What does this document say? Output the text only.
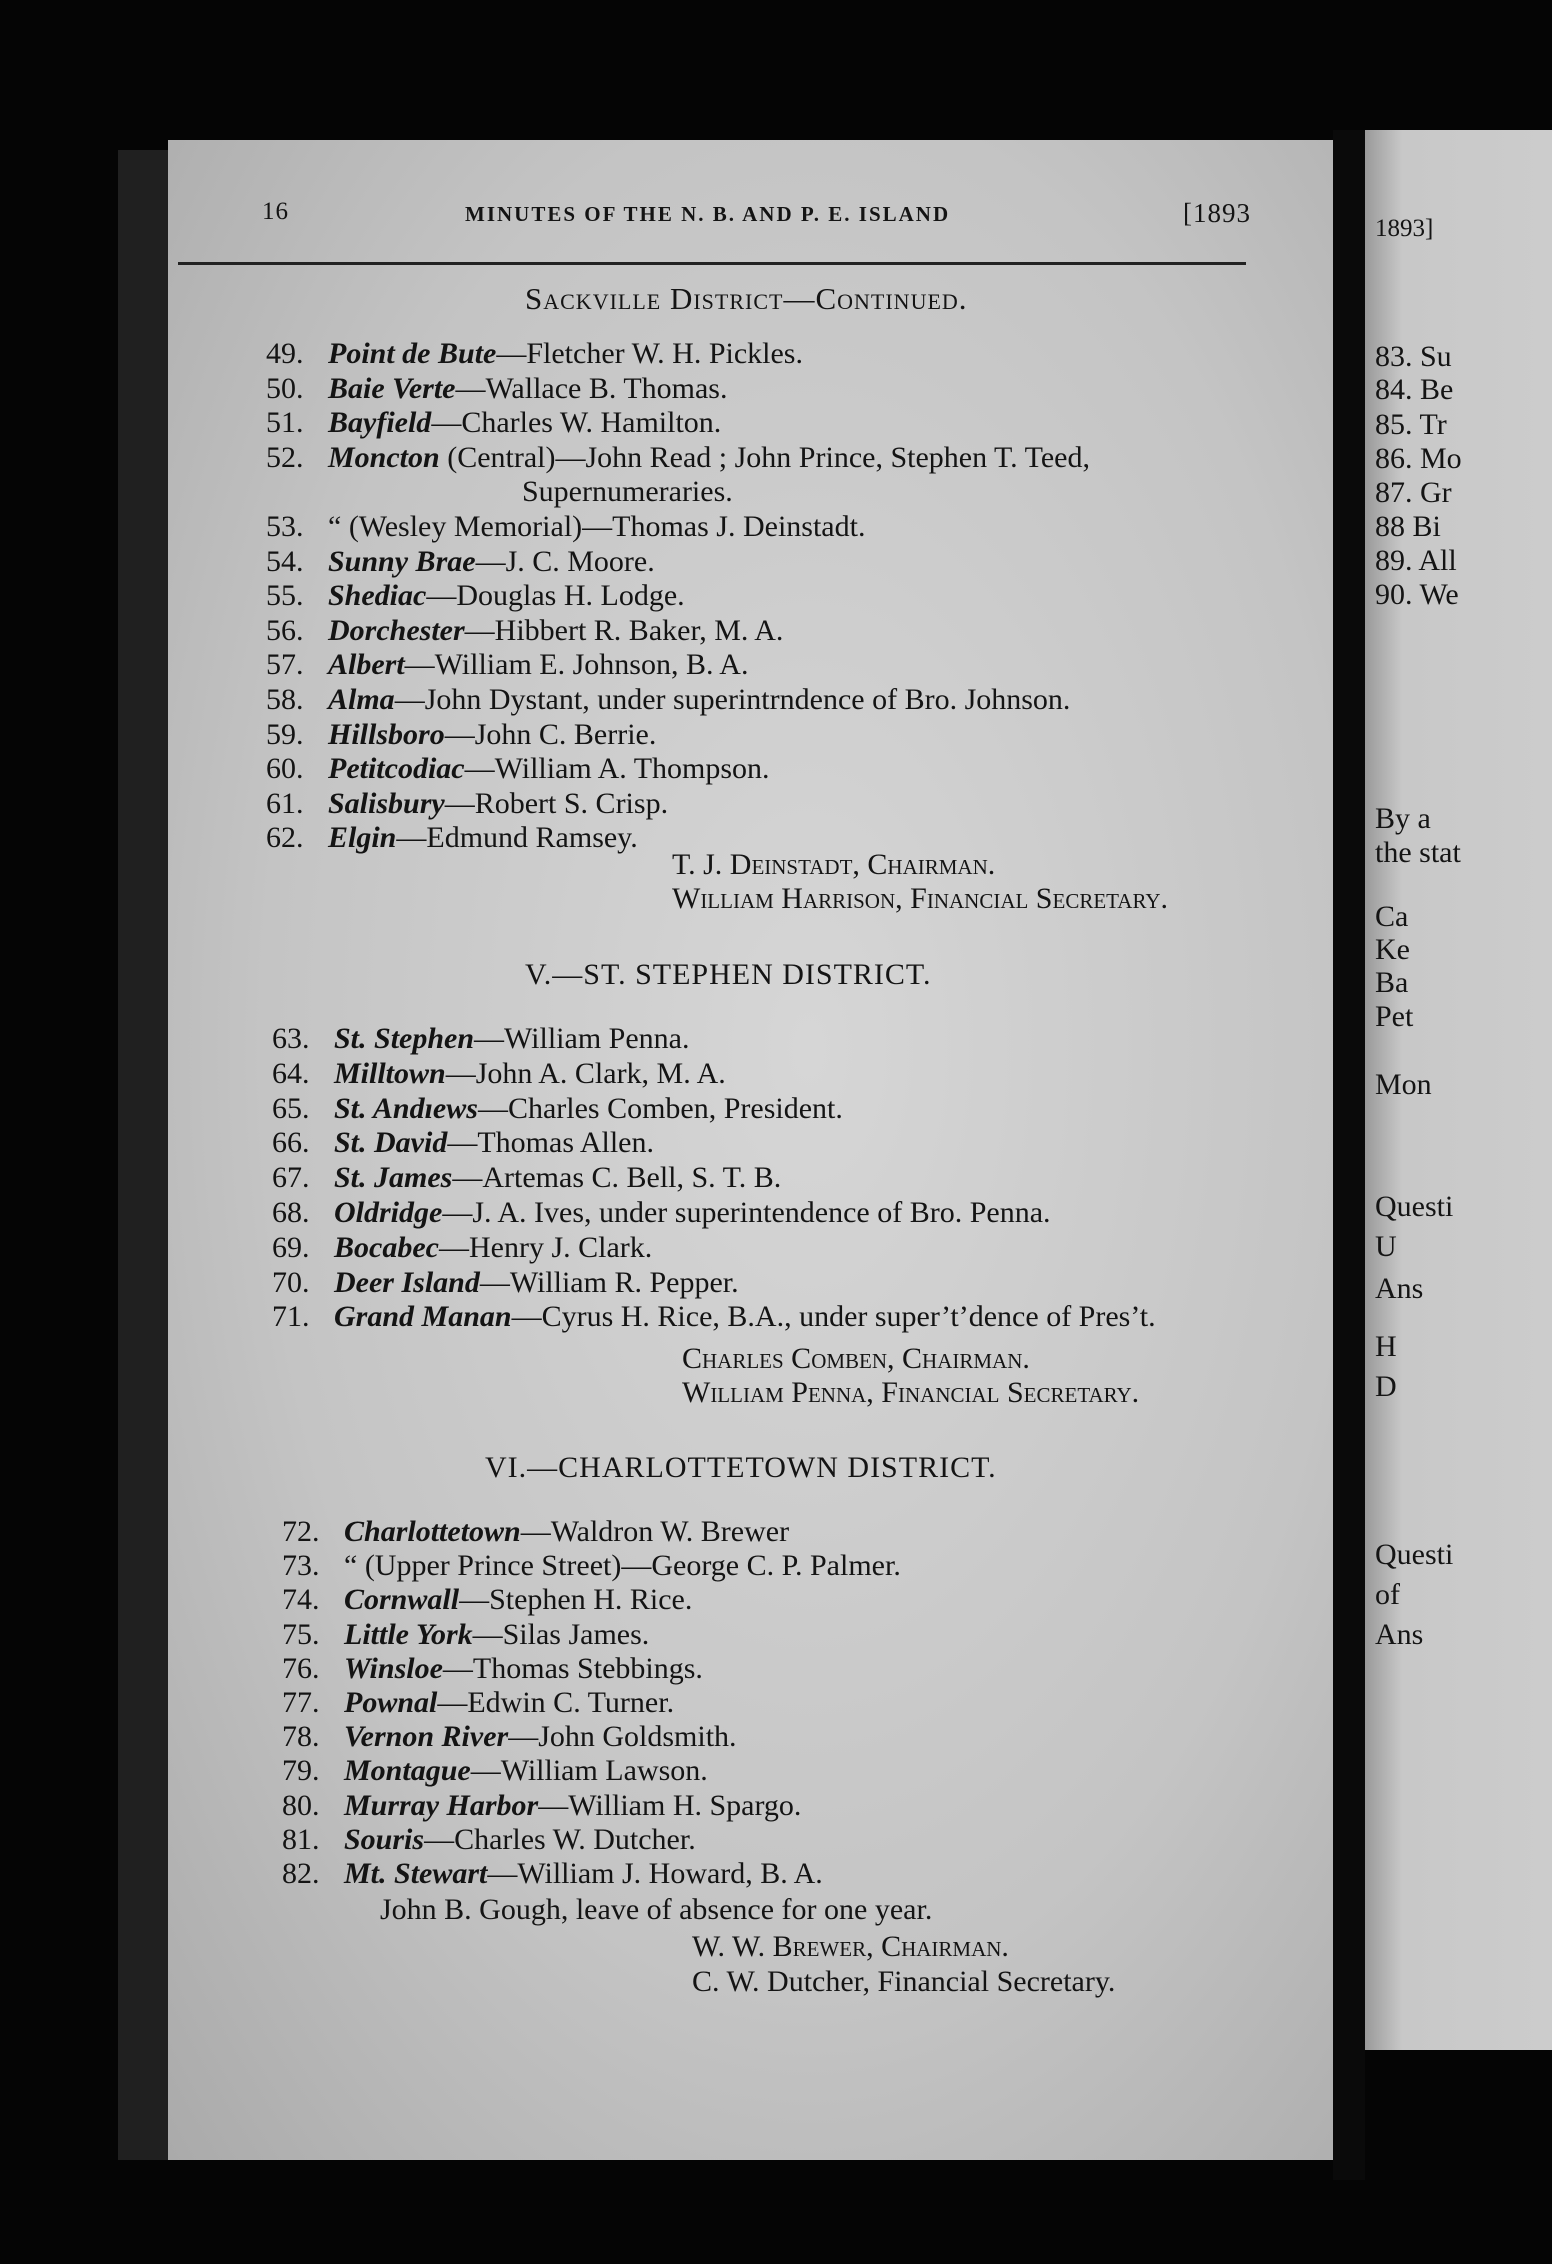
16	MINUTES OF THE N. B. AND P. E. ISLAND	[1893
Sackville District—Continued.
49. Point de Bute—Fletcher W. H. Pickles.
50. Baie Verte—Wallace B. Thomas.
51. Bayfield—Charles W. Hamilton.
52. Moncton (Central)—John Read ; John Prince, Stephen T. Teed,
Supernumeraries.
53. “ (Wesley Memorial)—Thomas J. Deinstadt.
54. Sunny Brae—J. C. Moore.
55. Shediac—Douglas H. Lodge.
56. Dorchester—Hibbert R. Baker, M. A.
57. Albert—William E. Johnson, B. A.
58. Alma—John Dystant, under superintrndence of Bro. Johnson.
59. Hillsboro—John C. Berrie.
60. Petitcodiac—William A. Thompson.
61. Salisbury—Robert S. Crisp.
62. Elgin—Edmund Ramsey.
T. J. Deinstadt, Chairman.
William Harrison, Financial Secretary.
V.—ST. STEPHEN DISTRICT.
63. St. Stephen—William Penna.
64. Milltown—John A. Clark, M. A.
65. St. Andıews—Charles Comben, President.
66. St. David—Thomas Allen.
67. St. James—Artemas C. Bell, S. T. B.
68. Oldridge—J. A. Ives, under superintendence of Bro. Penna.
69. Bocabec—Henry J. Clark.
70. Deer Island—William R. Pepper.
71. Grand Manan—Cyrus H. Rice, B.A., under super’t’dence of Pres’t.
Charles Comben, Chairman.
William Penna, Financial Secretary.
VI.—CHARLOTTETOWN DISTRICT.
72. Charlottetown—Waldron W. Brewer
73. “ (Upper Prince Street)—George C. P. Palmer.
74. Cornwall—Stephen H. Rice.
75. Little York—Silas James.
76. Winsloe—Thomas Stebbings.
77. Pownal—Edwin C. Turner.
78. Vernon River—John Goldsmith.
79. Montague—William Lawson.
80. Murray Harbor—William H. Spargo.
81. Souris—Charles W. Dutcher.
82. Mt. Stewart—William J. Howard, B. A.
John B. Gough, leave of absence for one year.
W. W. Brewer, Chairman.
C. W. Dutcher, Financial Secretary.
1893]
83. Su
84. Be
85. Tr
86. Mo
87. Gr
88 Bi
89. All
90. We
By a
the stat
Ca
Ke
Ba
Pet
Mon
Questi
U
Ans
H
D
Questi
of
Ans
